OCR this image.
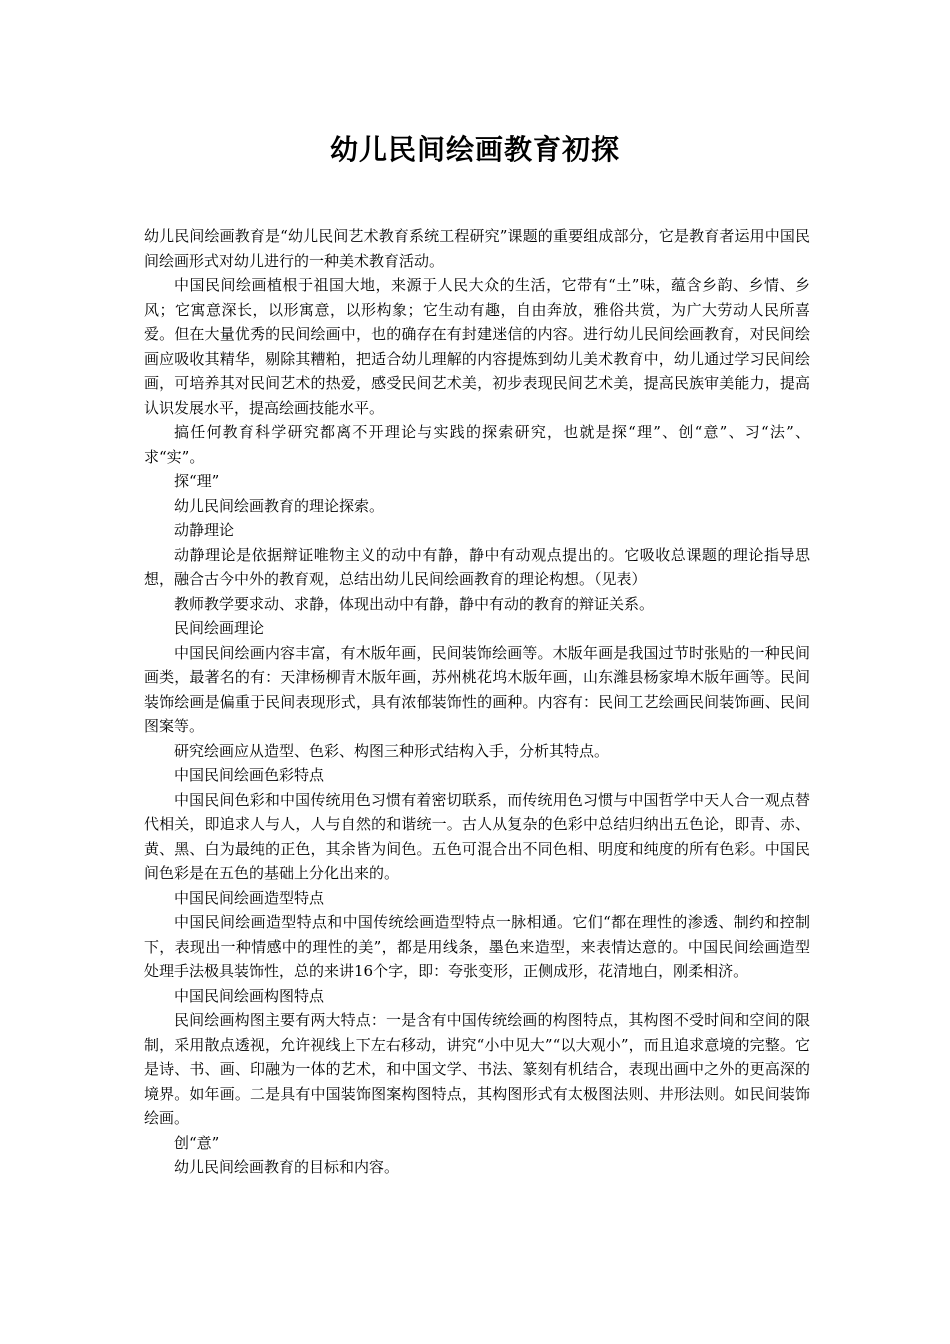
幼儿民间绘画教育初探

幼儿民间绘画教育是“幼儿民间艺术教育系统工程研究”课题的重要组成部分，它是教育者运用中国民间绘画形式对幼儿进行的一种美术教育活动。

中国民间绘画植根于祖国大地，来源于人民大众的生活，它带有“土”味，蕴含乡韵、乡情、乡风；它寓意深长，以形寓意，以形构象；它生动有趣，自由奔放，雅俗共赏，为广大劳动人民所喜爱。但在大量优秀的民间绘画中，也的确存在有封建迷信的内容。进行幼儿民间绘画教育，对民间绘画应吸收其精华，剔除其糟粕，把适合幼儿理解的内容提炼到幼儿美术教育中，幼儿通过学习民间绘画，可培养其对民间艺术的热爱，感受民间艺术美，初步表现民间艺术美，提高民族审美能力，提高认识发展水平，提高绘画技能水平。

搞任何教育科学研究都离不开理论与实践的探索研究，也就是探“理”、创“意”、习“法”、求“实”。

探“理”

幼儿民间绘画教育的理论探索。

动静理论

动静理论是依据辩证唯物主义的动中有静，静中有动观点提出的。它吸收总课题的理论指导思想，融合古今中外的教育观，总结出幼儿民间绘画教育的理论构想。（见表）

教师教学要求动、求静，体现出动中有静，静中有动的教育的辩证关系。

民间绘画理论

中国民间绘画内容丰富，有木版年画，民间装饰绘画等。木版年画是我国过节时张贴的一种民间画类，最著名的有：天津杨柳青木版年画，苏州桃花坞木版年画，山东潍县杨家埠木版年画等。民间装饰绘画是偏重于民间表现形式，具有浓郁装饰性的画种。内容有：民间工艺绘画民间装饰画、民间图案等。

研究绘画应从造型、色彩、构图三种形式结构入手，分析其特点。

中国民间绘画色彩特点

中国民间色彩和中国传统用色习惯有着密切联系，而传统用色习惯与中国哲学中天人合一观点替代相关，即追求人与人，人与自然的和谐统一。古人从复杂的色彩中总结归纳出五色论，即青、赤、黄、黑、白为最纯的正色，其余皆为间色。五色可混合出不同色相、明度和纯度的所有色彩。中国民间色彩是在五色的基础上分化出来的。

中国民间绘画造型特点

中国民间绘画造型特点和中国传统绘画造型特点一脉相通。它们“都在理性的渗透、制约和控制下，表现出一种情感中的理性的美”，都是用线条，墨色来造型，来表情达意的。中国民间绘画造型处理手法极具装饰性，总的来讲16个字，即：夸张变形，正侧成形，花清地白，刚柔相济。

中国民间绘画构图特点

民间绘画构图主要有两大特点：一是含有中国传统绘画的构图特点，其构图不受时间和空间的限制，采用散点透视，允许视线上下左右移动，讲究“小中见大”“以大观小”，而且追求意境的完整。它是诗、书、画、印融为一体的艺术，和中国文学、书法、篆刻有机结合，表现出画中之外的更高深的境界。如年画。二是具有中国装饰图案构图特点，其构图形式有太极图法则、井形法则。如民间装饰绘画。

创“意”

幼儿民间绘画教育的目标和内容。
